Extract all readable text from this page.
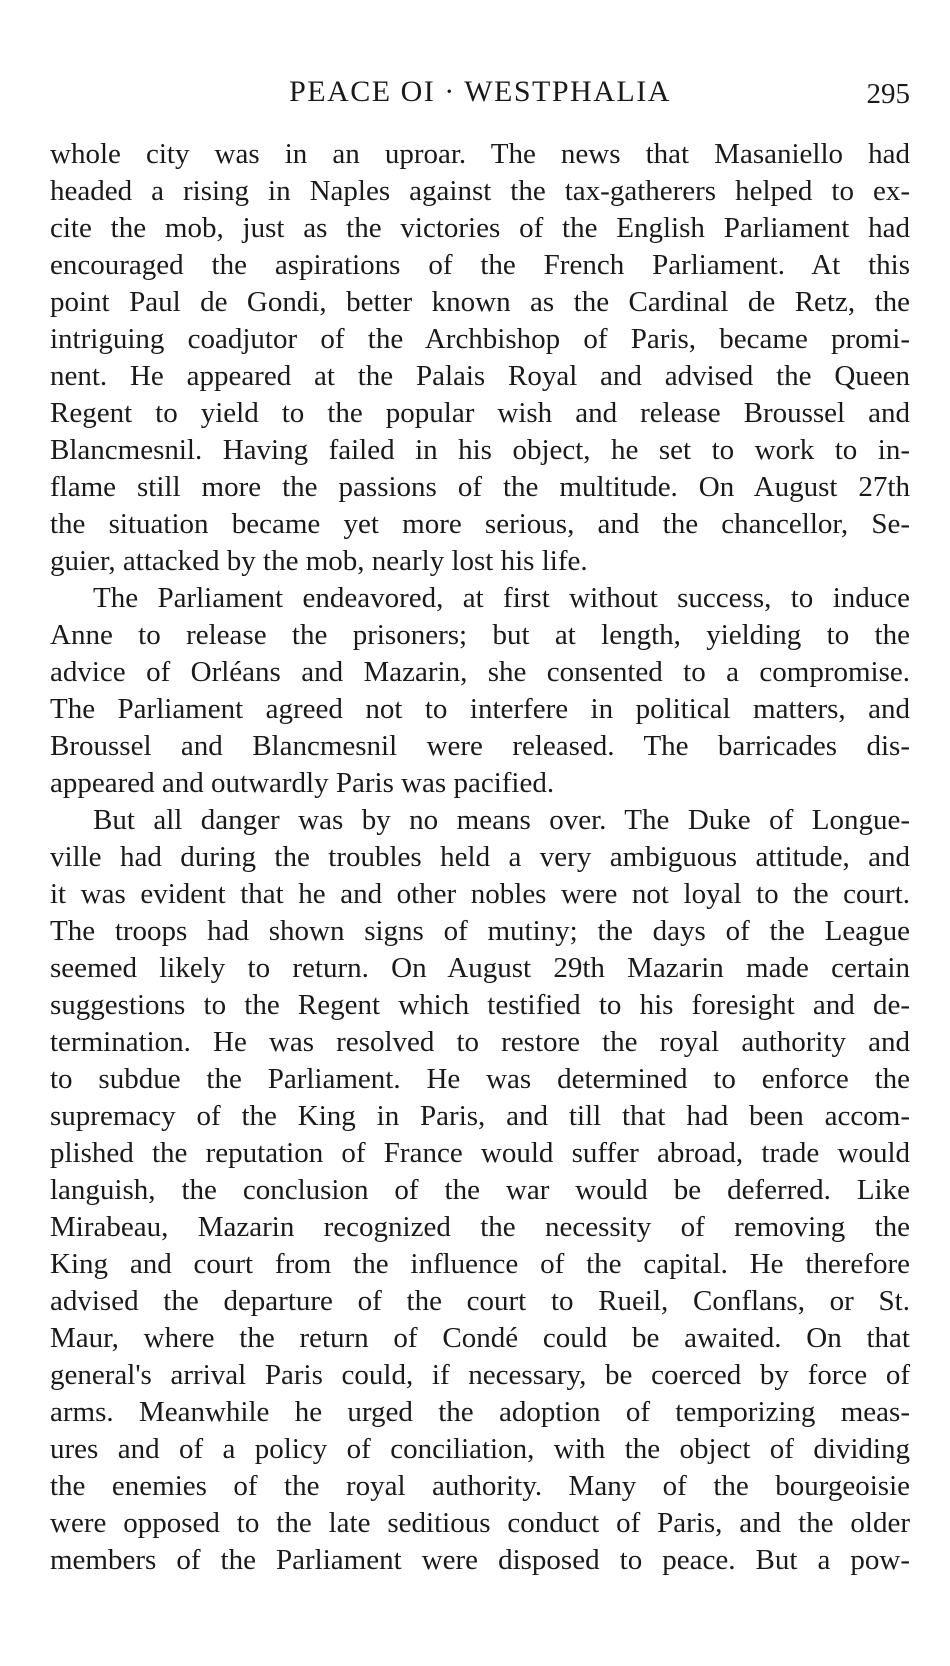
PEACE OI · WESTPHALIA	295
whole city was in an uproar. The news that Masaniello had
headed a rising in Naples against the tax-gatherers helped to ex-
cite the mob, just as the victories of the English Parliament had
encouraged the aspirations of the French Parliament. At this
point Paul de Gondi, better known as the Cardinal de Retz, the
intriguing coadjutor of the Archbishop of Paris, became promi-
nent. He appeared at the Palais Royal and advised the Queen
Regent to yield to the popular wish and release Broussel and
Blancmesnil. Having failed in his object, he set to work to in-
flame still more the passions of the multitude. On August 27th
the situation became yet more serious, and the chancellor, Se-
guier, attacked by the mob, nearly lost his life.
The Parliament endeavored, at first without success, to induce
Anne to release the prisoners; but at length, yielding to the
advice of Orléans and Mazarin, she consented to a compromise.
The Parliament agreed not to interfere in political matters, and
Broussel and Blancmesnil were released. The barricades dis-
appeared and outwardly Paris was pacified.
But all danger was by no means over. The Duke of Longue-
ville had during the troubles held a very ambiguous attitude, and
it was evident that he and other nobles were not loyal to the court.
The troops had shown signs of mutiny; the days of the League
seemed likely to return. On August 29th Mazarin made certain
suggestions to the Regent which testified to his foresight and de-
termination. He was resolved to restore the royal authority and
to subdue the Parliament. He was determined to enforce the
supremacy of the King in Paris, and till that had been accom-
plished the reputation of France would suffer abroad, trade would
languish, the conclusion of the war would be deferred. Like
Mirabeau, Mazarin recognized the necessity of removing the
King and court from the influence of the capital. He therefore
advised the departure of the court to Rueil, Conflans, or St.
Maur, where the return of Condé could be awaited. On that
general's arrival Paris could, if necessary, be coerced by force of
arms. Meanwhile he urged the adoption of temporizing meas-
ures and of a policy of conciliation, with the object of dividing
the enemies of the royal authority. Many of the bourgeoisie
were opposed to the late seditious conduct of Paris, and the older
members of the Parliament were disposed to peace. But a pow-
